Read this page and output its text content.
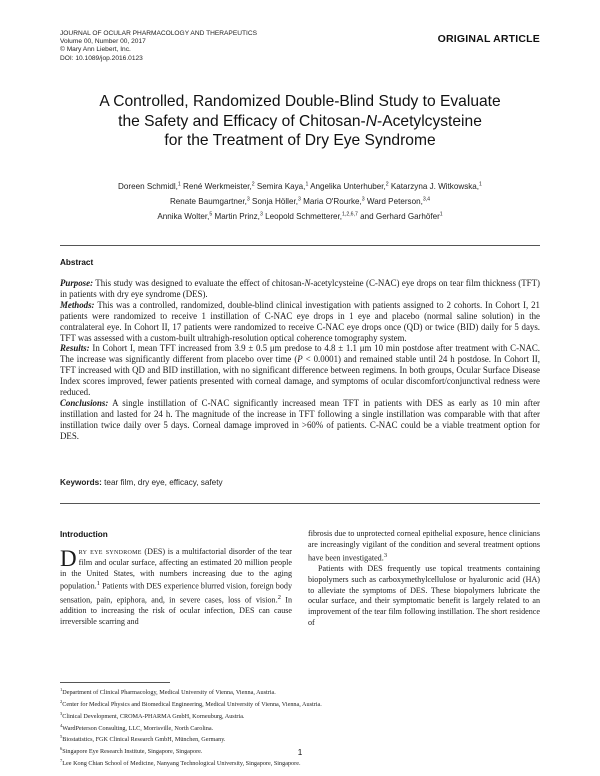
JOURNAL OF OCULAR PHARMACOLOGY AND THERAPEUTICS
Volume 00, Number 00, 2017
© Mary Ann Liebert, Inc.
DOI: 10.1089/jop.2016.0123
ORIGINAL ARTICLE
A Controlled, Randomized Double-Blind Study to Evaluate
the Safety and Efficacy of Chitosan-N-Acetylcysteine
for the Treatment of Dry Eye Syndrome
Doreen Schmidl,$^1$ René Werkmeister,$^2$ Semira Kaya,$^1$ Angelika Unterhuber,$^2$ Katarzyna J. Witkowska,$^1$
Renate Baumgartner,$^3$ Sonja Höller,$^3$ Maria O'Rourke,$^3$ Ward Peterson,$^{3,4}$
Annika Wolter,$^5$ Martin Prinz,$^3$ Leopold Schmetterer,$^{1,2,6,7}$ and Gerhard Garhöfer$^1$
Abstract

Purpose: This study was designed to evaluate the effect of chitosan-N-acetylcysteine (C-NAC) eye drops on tear film thickness (TFT) in patients with dry eye syndrome (DES).

Methods: This was a controlled, randomized, double-blind clinical investigation with patients assigned to 2 cohorts. In Cohort I, 21 patients were randomized to receive 1 instillation of C-NAC eye drops in 1 eye and placebo (normal saline solution) in the contralateral eye. In Cohort II, 17 patients were randomized to receive C-NAC eye drops once (QD) or twice (BID) daily for 5 days. TFT was assessed with a custom-built ultrahigh-resolution optical coherence tomography system.

Results: In Cohort I, mean TFT increased from 3.9 ± 0.5 μm predose to 4.8 ± 1.1 μm 10 min postdose after treatment with C-NAC. The increase was significantly different from placebo over time (P < 0.0001) and remained stable until 24 h postdose. In Cohort II, TFT increased with QD and BID instillation, with no significant difference between regimens. In both groups, Ocular Surface Disease Index scores improved, fewer patients presented with corneal damage, and symptoms of ocular discomfort/conjunctival redness were reduced.

Conclusions: A single instillation of C-NAC significantly increased mean TFT in patients with DES as early as 10 min after instillation and lasted for 24 h. The magnitude of the increase in TFT following a single instillation was comparable with that after instillation twice daily over 5 days. Corneal damage improved in >60% of patients. C-NAC could be a viable treatment option for DES.

Keywords: tear film, dry eye, efficacy, safety
Introduction

Dry eye syndrome (DES) is a multifactorial disorder of the tear film and ocular surface, affecting an estimated 20 million people in the United States, with numbers increasing due to the aging population.$^1$ Patients with DES experience blurred vision, foreign body sensation, pain, epiphora, and, in severe cases, loss of vision.$^2$ In addition to increasing the risk of ocular infection, DES can cause irreversible scarring and

fibrosis due to unprotected corneal epithelial exposure, hence clinicians are increasingly vigilant of the condition and several treatment options have been investigated.$^3$

Patients with DES frequently use topical treatments containing biopolymers such as carboxymethylcellulose or hyaluronic acid (HA) to alleviate the symptoms of DES. These biopolymers lubricate the ocular surface, and their symptomatic benefit is largely related to an improvement of the tear film following instillation. The short residence of

$^1$Department of Clinical Pharmacology, Medical University of Vienna, Vienna, Austria.
$^2$Center for Medical Physics and Biomedical Engineering, Medical University of Vienna, Vienna, Austria.
$^3$Clinical Development, CROMA-PHARMA GmbH, Korneuburg, Austria.
$^4$WardPeterson Consulting, LLC, Morrisville, North Carolina.
$^5$Biostatistics, FGK Clinical Research GmbH, München, Germany.
$^6$Singapore Eye Research Institute, Singapore, Singapore.
$^7$Lee Kong Chian School of Medicine, Nanyang Technological University, Singapore, Singapore.
1
